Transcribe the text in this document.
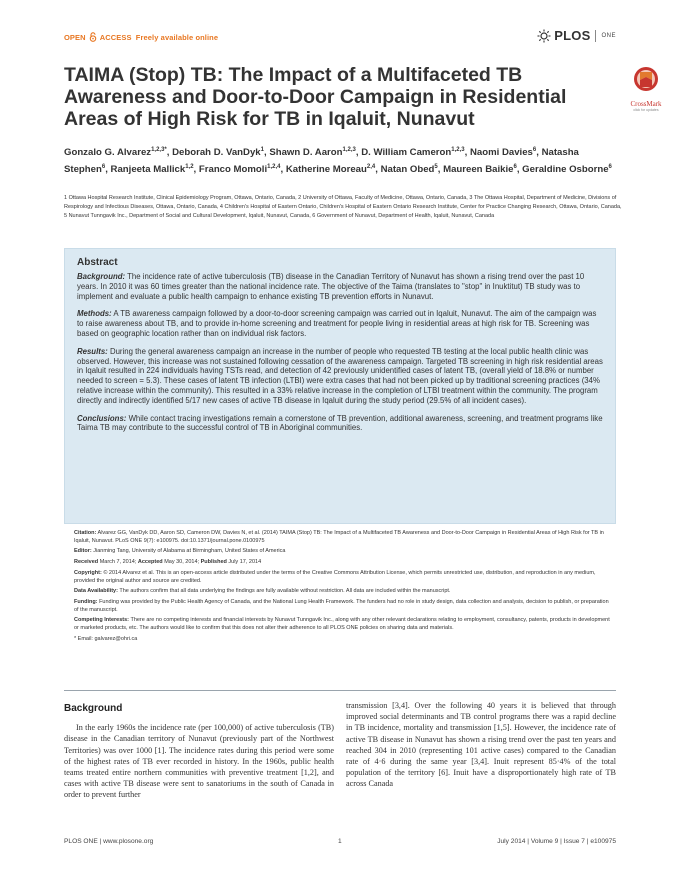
OPEN ACCESS Freely available online	PLOS ONE
TAIMA (Stop) TB: The Impact of a Multifaceted TB Awareness and Door-to-Door Campaign in Residential Areas of High Risk for TB in Iqaluit, Nunavut
CrossMark
click for updates
Gonzalo G. Alvarez$^{1,2,3*}$, Deborah D. VanDyk$^1$, Shawn D. Aaron$^{1,2,3}$, D. William Cameron$^{1,2,3}$, Naomi Davies$^6$, Natasha Stephen$^6$, Ranjeeta Mallick$^{1,2}$, Franco Momoli$^{1,2,4}$, Katherine Moreau$^{2,4}$, Natan Obed$^5$, Maureen Baikie$^6$, Geraldine Osborne$^6$
1 Ottawa Hospital Research Institute, Clinical Epidemiology Program, Ottawa, Ontario, Canada, 2 University of Ottawa, Faculty of Medicine, Ottawa, Ontario, Canada, 3 The Ottawa Hospital, Department of Medicine, Divisions of Respirology and Infectious Diseases, Ottawa, Ontario, Canada, 4 Children's Hospital of Eastern Ontario, Children's Hospital of Eastern Ontario Research Institute, Center for Practice Changing Research, Ottawa, Ontario, Canada, 5 Nunavut Tunngavik Inc., Department of Social and Cultural Development, Iqaluit, Nunavut, Canada, 6 Government of Nunavut, Department of Health, Iqaluit, Nunavut, Canada
Abstract

Background: The incidence rate of active tuberculosis (TB) disease in the Canadian Territory of Nunavut has shown a rising trend over the past 10 years. In 2010 it was 60 times greater than the national incidence rate. The objective of the Taima (translates to "stop" in Inuktitut) TB study was to implement and evaluate a public health campaign to enhance existing TB prevention efforts in Nunavut.

Methods: A TB awareness campaign followed by a door-to-door screening campaign was carried out in Iqaluit, Nunavut. The aim of the campaign was to raise awareness about TB, and to provide in-home screening and treatment for people living in residential areas at high risk for TB. Screening was based on geographic location rather than on individual risk factors.

Results: During the general awareness campaign an increase in the number of people who requested TB testing at the local public health clinic was observed. However, this increase was not sustained following cessation of the awareness campaign. Targeted TB screening in high risk residential areas in Iqaluit resulted in 224 individuals having TSTs read, and detection of 42 previously unidentified cases of latent TB, (overall yield of 18.8% or number needed to screen = 5.3). These cases of latent TB infection (LTBI) were extra cases that had not been picked up by traditional screening practices (34% relative increase within the community). This resulted in a 33% relative increase in the completion of LTBI treatment within the community. The program directly and indirectly identified 5/17 new cases of active TB disease in Iqaluit during the study period (29.5% of all incident cases).

Conclusions: While contact tracing investigations remain a cornerstone of TB prevention, additional awareness, screening, and treatment programs like Taima TB may contribute to the successful control of TB in Aboriginal communities.

Citation: Alvarez GG, VanDyk DD, Aaron SD, Cameron DW, Davies N, et al. (2014) TAIMA (Stop) TB: The Impact of a Multifaceted TB Awareness and Door-to-Door Campaign in Residential Areas of High Risk for TB in Iqaluit, Nunavut. PLoS ONE 9(7): e100975. doi:10.1371/journal.pone.0100975

Editor: Jianming Tang, University of Alabama at Birmingham, United States of America

Received March 7, 2014; Accepted May 30, 2014; Published July 17, 2014

Copyright: © 2014 Alvarez et al. This is an open-access article distributed under the terms of the Creative Commons Attribution License, which permits unrestricted use, distribution, and reproduction in any medium, provided the original author and source are credited.

Data Availability: The authors confirm that all data underlying the findings are fully available without restriction. All data are included within the manuscript.

Funding: Funding was provided by the Public Health Agency of Canada, and the National Lung Health Framework. The funders had no role in study design, data collection and analysis, decision to publish, or preparation of the manuscript.

Competing Interests: There are no competing interests and financial interests by Nunavut Tunngavik Inc., along with any other relevant declarations relating to employment, consultancy, patents, products in development or marketed products, etc. The authors would like to confirm that this does not alter their adherence to all PLOS ONE policies on sharing data and materials.

* Email: galvarez@ohri.ca

Background

In the early 1960s the incidence rate (per 100,000) of active tuberculosis (TB) disease in the Canadian territory of Nunavut (previously part of the Northwest Territories) was over 1000 [1]. The incidence rates during this period were some of the highest rates of TB ever recorded in history. In the 1960s, public health teams treated entire northern communities with preventive treatment [1,2], and cases with active TB disease were sent to sanatoriums in the south of Canada in order to prevent further

transmission [3,4]. Over the following 40 years it is believed that through improved social determinants and TB control programs there was a rapid decline in TB incidence, mortality and transmission [1,5]. However, the incidence rate of active TB disease in Nunavut has shown a rising trend over the past ten years and reached 304 in 2010 (representing 101 active cases) compared to the Canadian rate of 4·6 during the same year [3,4]. Inuit represent 85·4% of the total population of the territory [6]. Inuit have a disproportionately high rate of TB across Canada

PLOS ONE | www.plosone.org	1	July 2014 | Volume 9 | Issue 7 | e100975
